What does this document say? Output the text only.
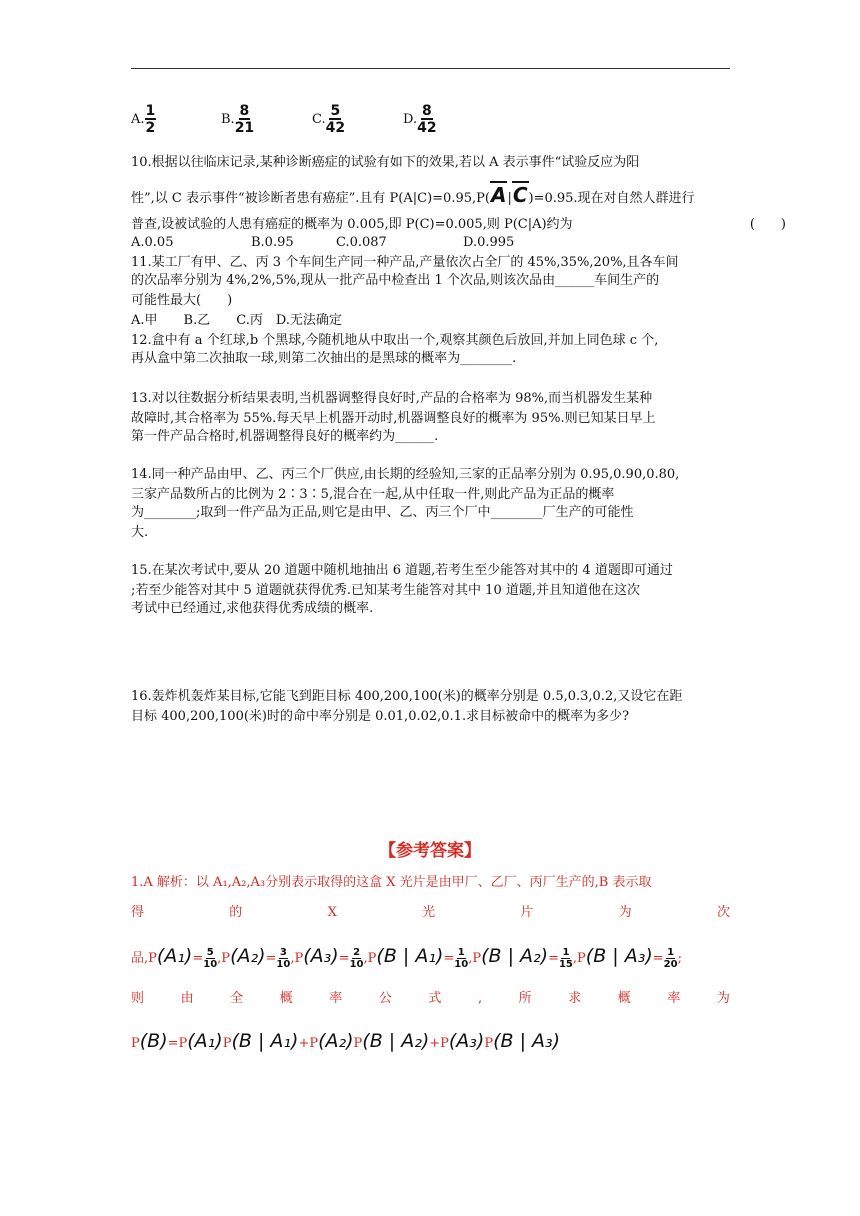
A. $\frac{1}{2}$	B. $\frac{8}{21}$	C. $\frac{5}{42}$	D. $\frac{8}{42}$
10.根据以往临床记录,某种诊断癌症的试验有如下的效果,若以 A 表示事件“试验反应为阳
性”,以 C 表示事件“被诊断者患有癌症”.且有 P(A|C)=0.95,P(A|C)=0.95.现在对自然人群进行
普查,设被试验的人患有癌症的概率为 0.005,即 P(C)=0.005,则 P(C|A)约为	(　　)
A.0.05	B.0.95	C.0.087	D.0.995
11.某工厂有甲、乙、丙 3 个车间生产同一种产品,产量依次占全厂的 45%,35%,20%,且各车间
的次品率分别为 4%,2%,5%,现从一批产品中检查出 1 个次品,则该次品由______车间生产的
可能性最大(　　)
A.甲　　B.乙　　C.丙　D.无法确定
12.盒中有 a 个红球,b 个黑球,今随机地从中取出一个,观察其颜色后放回,并加上同色球 c 个,
再从盒中第二次抽取一球,则第二次抽出的是黑球的概率为________.
13.对以往数据分析结果表明,当机器调整得良好时,产品的合格率为 98%,而当机器发生某种
故障时,其合格率为 55%.每天早上机器开动时,机器调整良好的概率为 95%.则已知某日早上
第一件产品合格时,机器调整得良好的概率约为______.
14.同一种产品由甲、乙、丙三个厂供应,由长期的经验知,三家的正品率分别为 0.95,0.90,0.80,
三家产品数所占的比例为 2∶3∶5,混合在一起,从中任取一件,则此产品为正品的概率
为________;取到一件产品为正品,则它是由甲、乙、丙三个厂中________厂生产的可能性
大.
15.在某次考试中,要从 20 道题中随机地抽出 6 道题,若考生至少能答对其中的 4 道题即可通过
;若至少能答对其中 5 道题就获得优秀.已知某考生能答对其中 10 道题,并且知道他在这次
考试中已经通过,求他获得优秀成绩的概率.
16.轰炸机轰炸某目标,它能飞到距目标 400,200,100(米)的概率分别是 0.5,0.3,0.2,又设它在距
目标 400,200,100(米)时的命中率分别是 0.01,0.02,0.1.求目标被命中的概率为多少?
【参考答案】
1.A 解析：以 A₁,A₂,A₃分别表示取得的这盒 X 光片是由甲厂、乙厂、丙厂生产的,B 表示取
得	的	X	光	片	为	次
品$,P(A_1)= \frac{5}{10} ,P(A_2)= \frac{3}{10} ,P(A_3)= \frac{2}{10} ,P(B$ | $A_1)= \frac{1}{10} ,P(B$ | $A_2)= \frac{1}{15} ,P(B$ | $A_3)= \frac{1}{20}$ ;
则	由	全	概	率	公	式	,	所	求	概	率	为
P(B)=P(A₁)P(B | A₁)+P(A₂)P(B | A₂)+P(A₃)P(B | A₃)
